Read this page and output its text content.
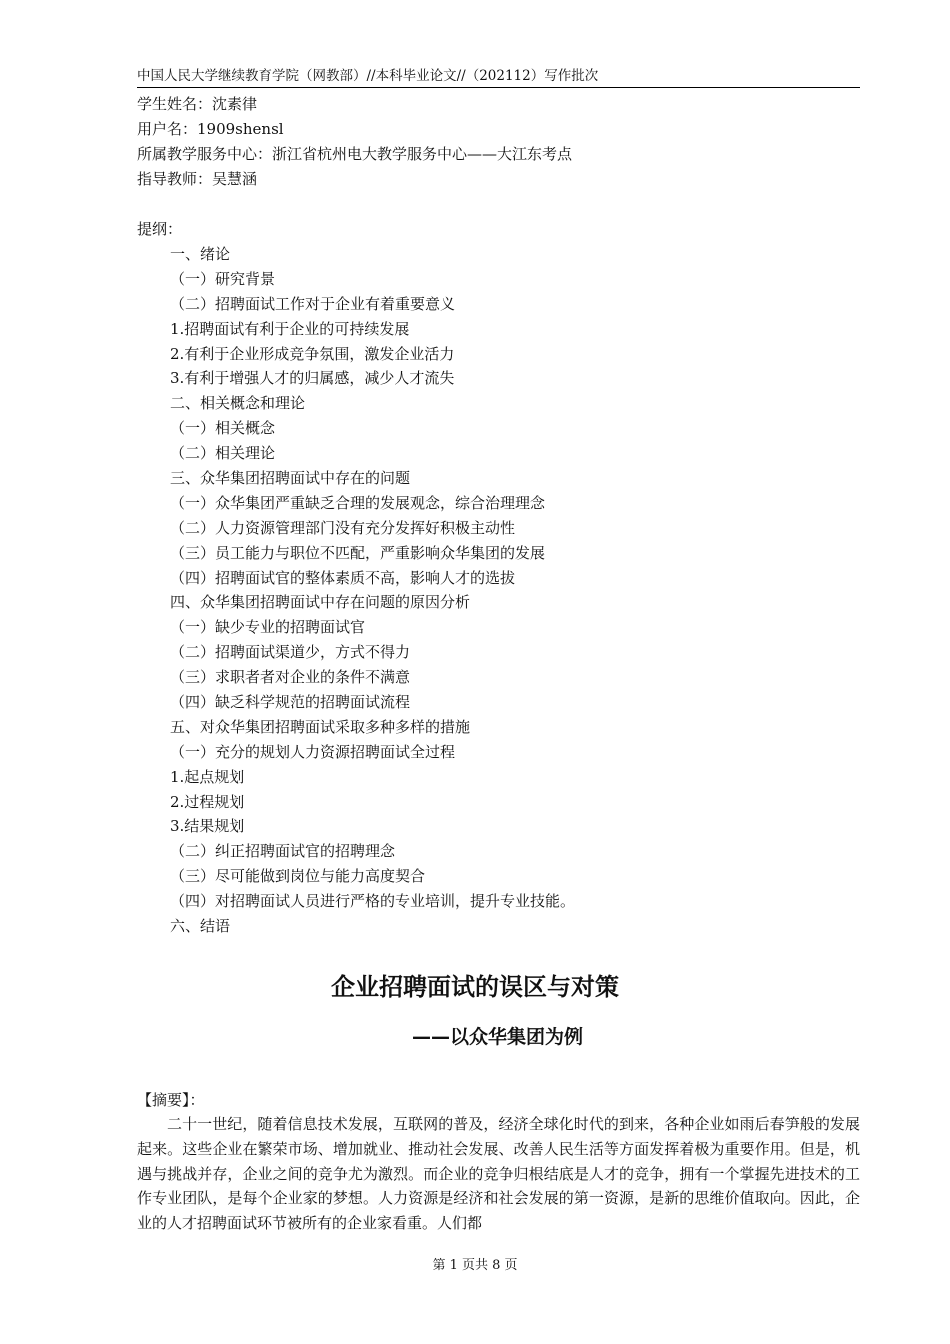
中国人民大学继续教育学院（网教部）//本科毕业论文//（202112）写作批次
学生姓名：沈素律
用户名：1909shensl
所属教学服务中心：浙江省杭州电大教学服务中心——大江东考点
指导教师：吴慧涵
提纲：
一、绪论
（一）研究背景
（二）招聘面试工作对于企业有着重要意义
1.招聘面试有利于企业的可持续发展
2.有利于企业形成竞争氛围，激发企业活力
3.有利于增强人才的归属感，减少人才流失
二、相关概念和理论
（一）相关概念
（二）相关理论
三、众华集团招聘面试中存在的问题
（一）众华集团严重缺乏合理的发展观念，综合治理理念
（二）人力资源管理部门没有充分发挥好积极主动性
（三）员工能力与职位不匹配，严重影响众华集团的发展
（四）招聘面试官的整体素质不高，影响人才的选拔
四、众华集团招聘面试中存在问题的原因分析
（一）缺少专业的招聘面试官
（二）招聘面试渠道少，方式不得力
（三）求职者者对企业的条件不满意
（四）缺乏科学规范的招聘面试流程
五、对众华集团招聘面试采取多种多样的措施
（一）充分的规划人力资源招聘面试全过程
1.起点规划
2.过程规划
3.结果规划
（二）纠正招聘面试官的招聘理念
（三）尽可能做到岗位与能力高度契合
（四）对招聘面试人员进行严格的专业培训，提升专业技能。
六、结语
企业招聘面试的误区与对策
——以众华集团为例
【摘要】：

二十一世纪，随着信息技术发展，互联网的普及，经济全球化时代的到来，各种企业如雨后春笋般的发展起来。这些企业在繁荣市场、增加就业、推动社会发展、改善人民生活等方面发挥着极为重要作用。但是，机遇与挑战并存，企业之间的竞争尤为激烈。而企业的竞争归根结底是人才的竞争，拥有一个掌握先进技术的工作专业团队，是每个企业家的梦想。人力资源是经济和社会发展的第一资源，是新的思维价值取向。因此，企业的人才招聘面试环节被所有的企业家看重。人们都

第 1 页共 8 页
